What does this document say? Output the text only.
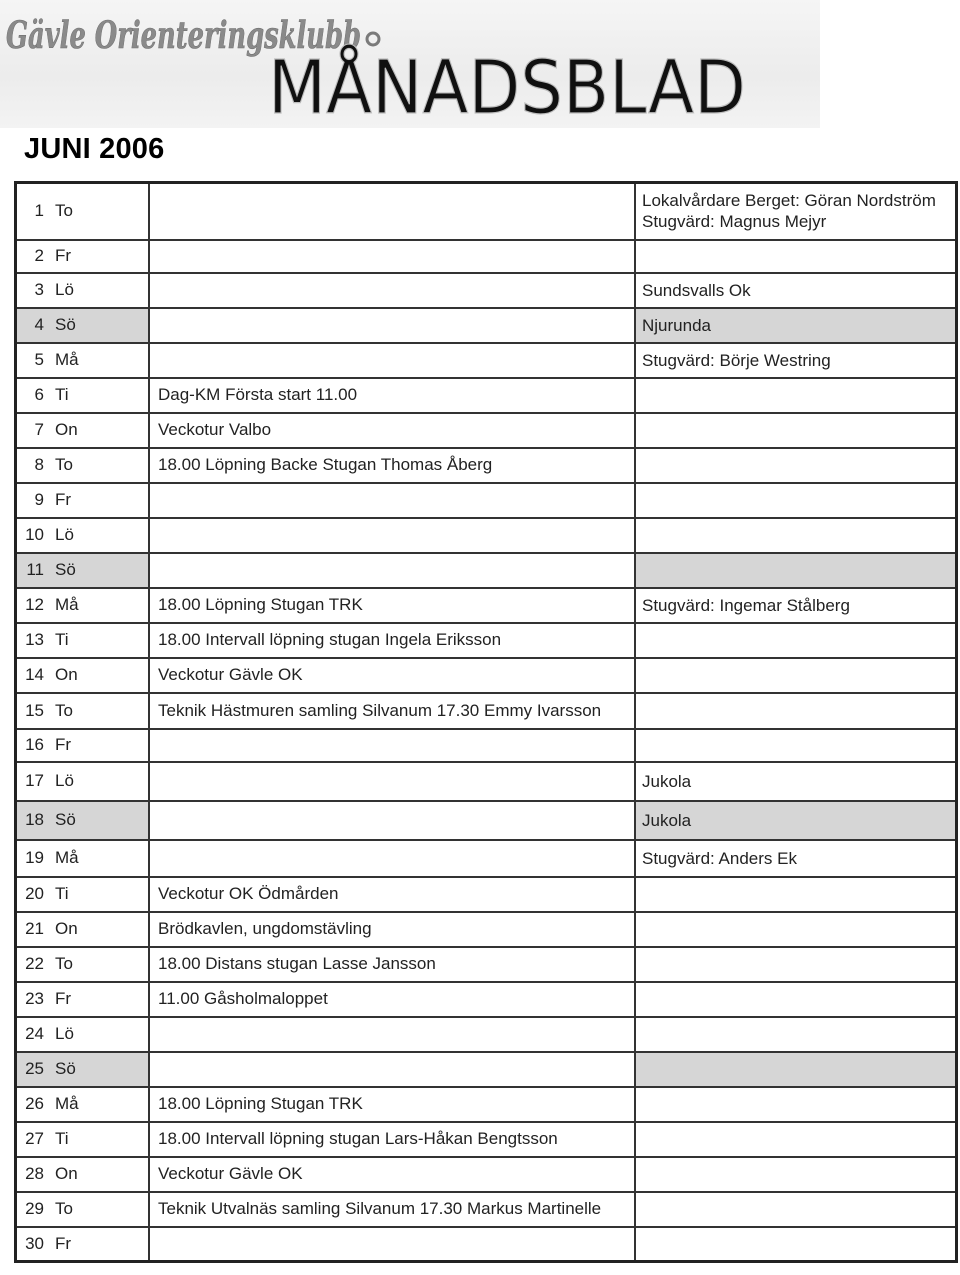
Gävle Orienteringsklubb
MÅNADSBLAD
JUNI 2006
1 To		Lokalvårdare Berget: Göran Nordström
Stugvärd: Magnus Mejyr

2 Fr		
3 Lö		Sundsvalls Ok

4 Sö		Njurunda

5 Må		Stugvärd: Börje Westring

6 Ti	Dag-KM Första start 11.00	
7 On	Veckotur Valbo	
8 To	18.00 Löpning Backe Stugan Thomas Åberg	
9 Fr		
10 Lö		
11 Sö		
12 Må	18.00 Löpning Stugan TRK	Stugvärd: Ingemar Stålberg

13 Ti	18.00 Intervall löpning stugan Ingela Eriksson	
14 On	Veckotur Gävle OK	
15 To	Teknik Hästmuren samling Silvanum 17.30 Emmy Ivarsson	
16 Fr		
17 Lö		Jukola

18 Sö		Jukola

19 Må		Stugvärd: Anders Ek

20 Ti	Veckotur OK Ödmården	
21 On	Brödkavlen, ungdomstävling	
22 To	18.00 Distans stugan Lasse Jansson	
23 Fr	11.00 Gåsholmaloppet	
24 Lö		
25 Sö		
26 Må	18.00 Löpning Stugan TRK	
27 Ti	18.00 Intervall löpning stugan Lars-Håkan Bengtsson	
28 On	Veckotur Gävle OK	
29 To	Teknik Utvalnäs samling Silvanum 17.30 Markus Martinelle	
30 Fr		
